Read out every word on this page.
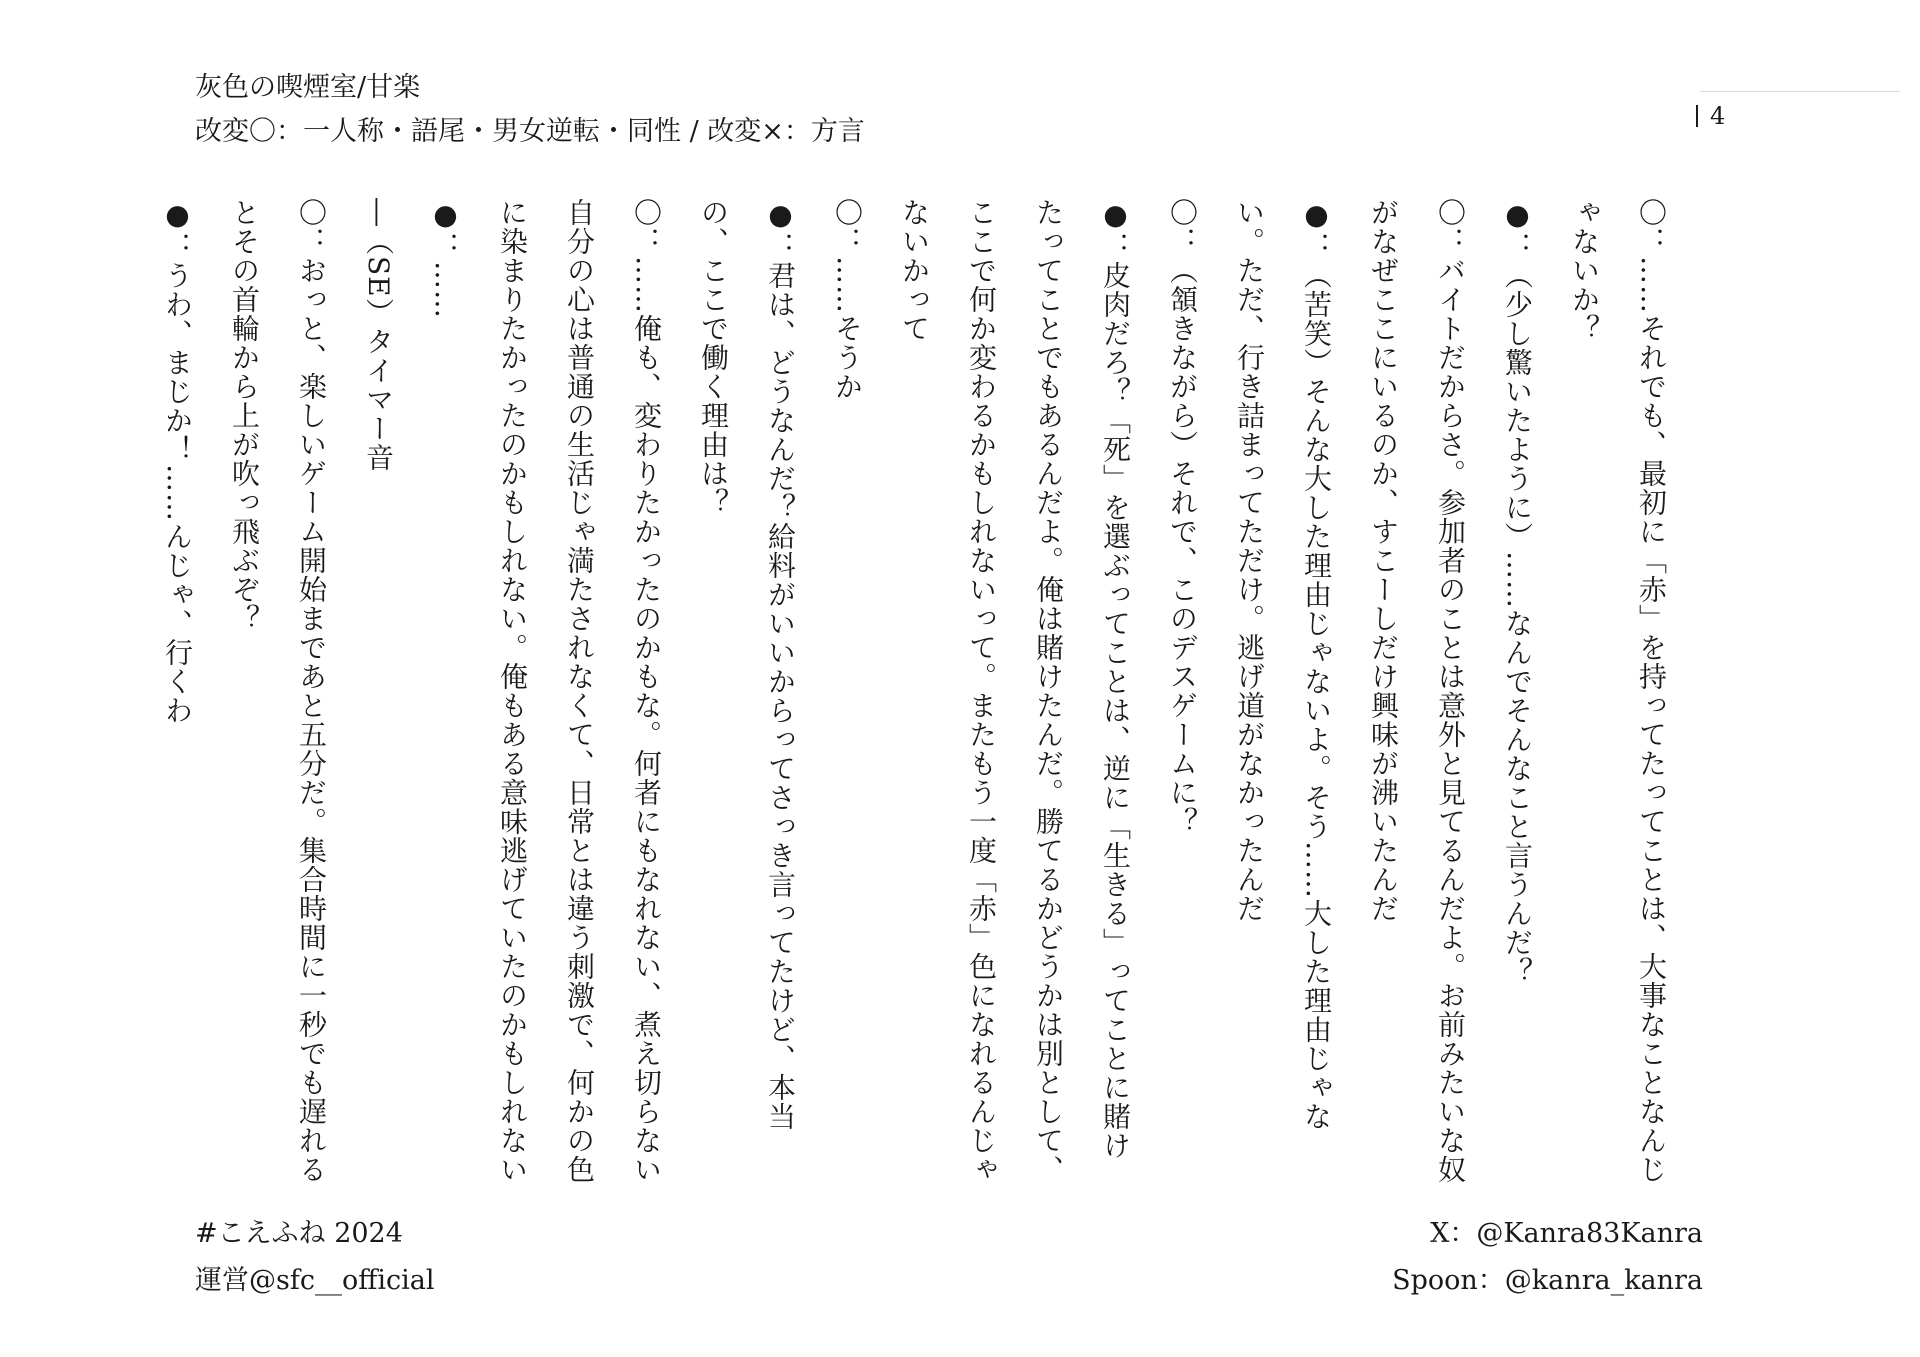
灰色の喫煙室/甘楽
改変〇：一人称・語尾・男女逆転・同性 / 改変×：方言	4

〇：……それでも、最初に「赤」を持ってたってことは、大事なことなんじゃないか？

●：（少し驚いたように）……なんでそんなこと言うんだ？

〇：バイトだからさ。参加者のことは意外と見てるんだよ。お前みたいな奴がなぜここにいるのか、すこーしだけ興味が沸いたんだ

●：（苦笑）そんな大した理由じゃないよ。そう……大した理由じゃない。ただ、行き詰まってただけ。逃げ道がなかったんだ

〇：（頷きながら）それで、このデスゲームに？

●：皮肉だろ？「死」を選ぶってことは、逆に「生きる」ってことに賭けたってことでもあるんだよ。俺は賭けたんだ。勝てるかどうかは別として、ここで何か変わるかもしれないって。またもう一度「赤」色になれるんじゃないかって

〇：……そうか

●：君は、どうなんだ？給料がいいからってさっき言ってたけど、本当の、ここで働く理由は？

〇：……俺も、変わりたかったのかもな。何者にもなれない、煮え切らない自分の心は普通の生活じゃ満たされなくて、日常とは違う刺激で、何かの色に染まりたかったのかもしれない。俺もある意味逃げていたのかもしれない

●：……

―（SE）タイマー音

〇：おっと、楽しいゲーム開始まであと五分だ。集合時間に一秒でも遅れるとその首輪から上が吹っ飛ぶぞ？

●：うわ、まじか！……んじゃ、行くわ

#こえふね 2024
運営@sfc__official
X：@Kanra83Kanra
Spoon：@kanra_kanra
